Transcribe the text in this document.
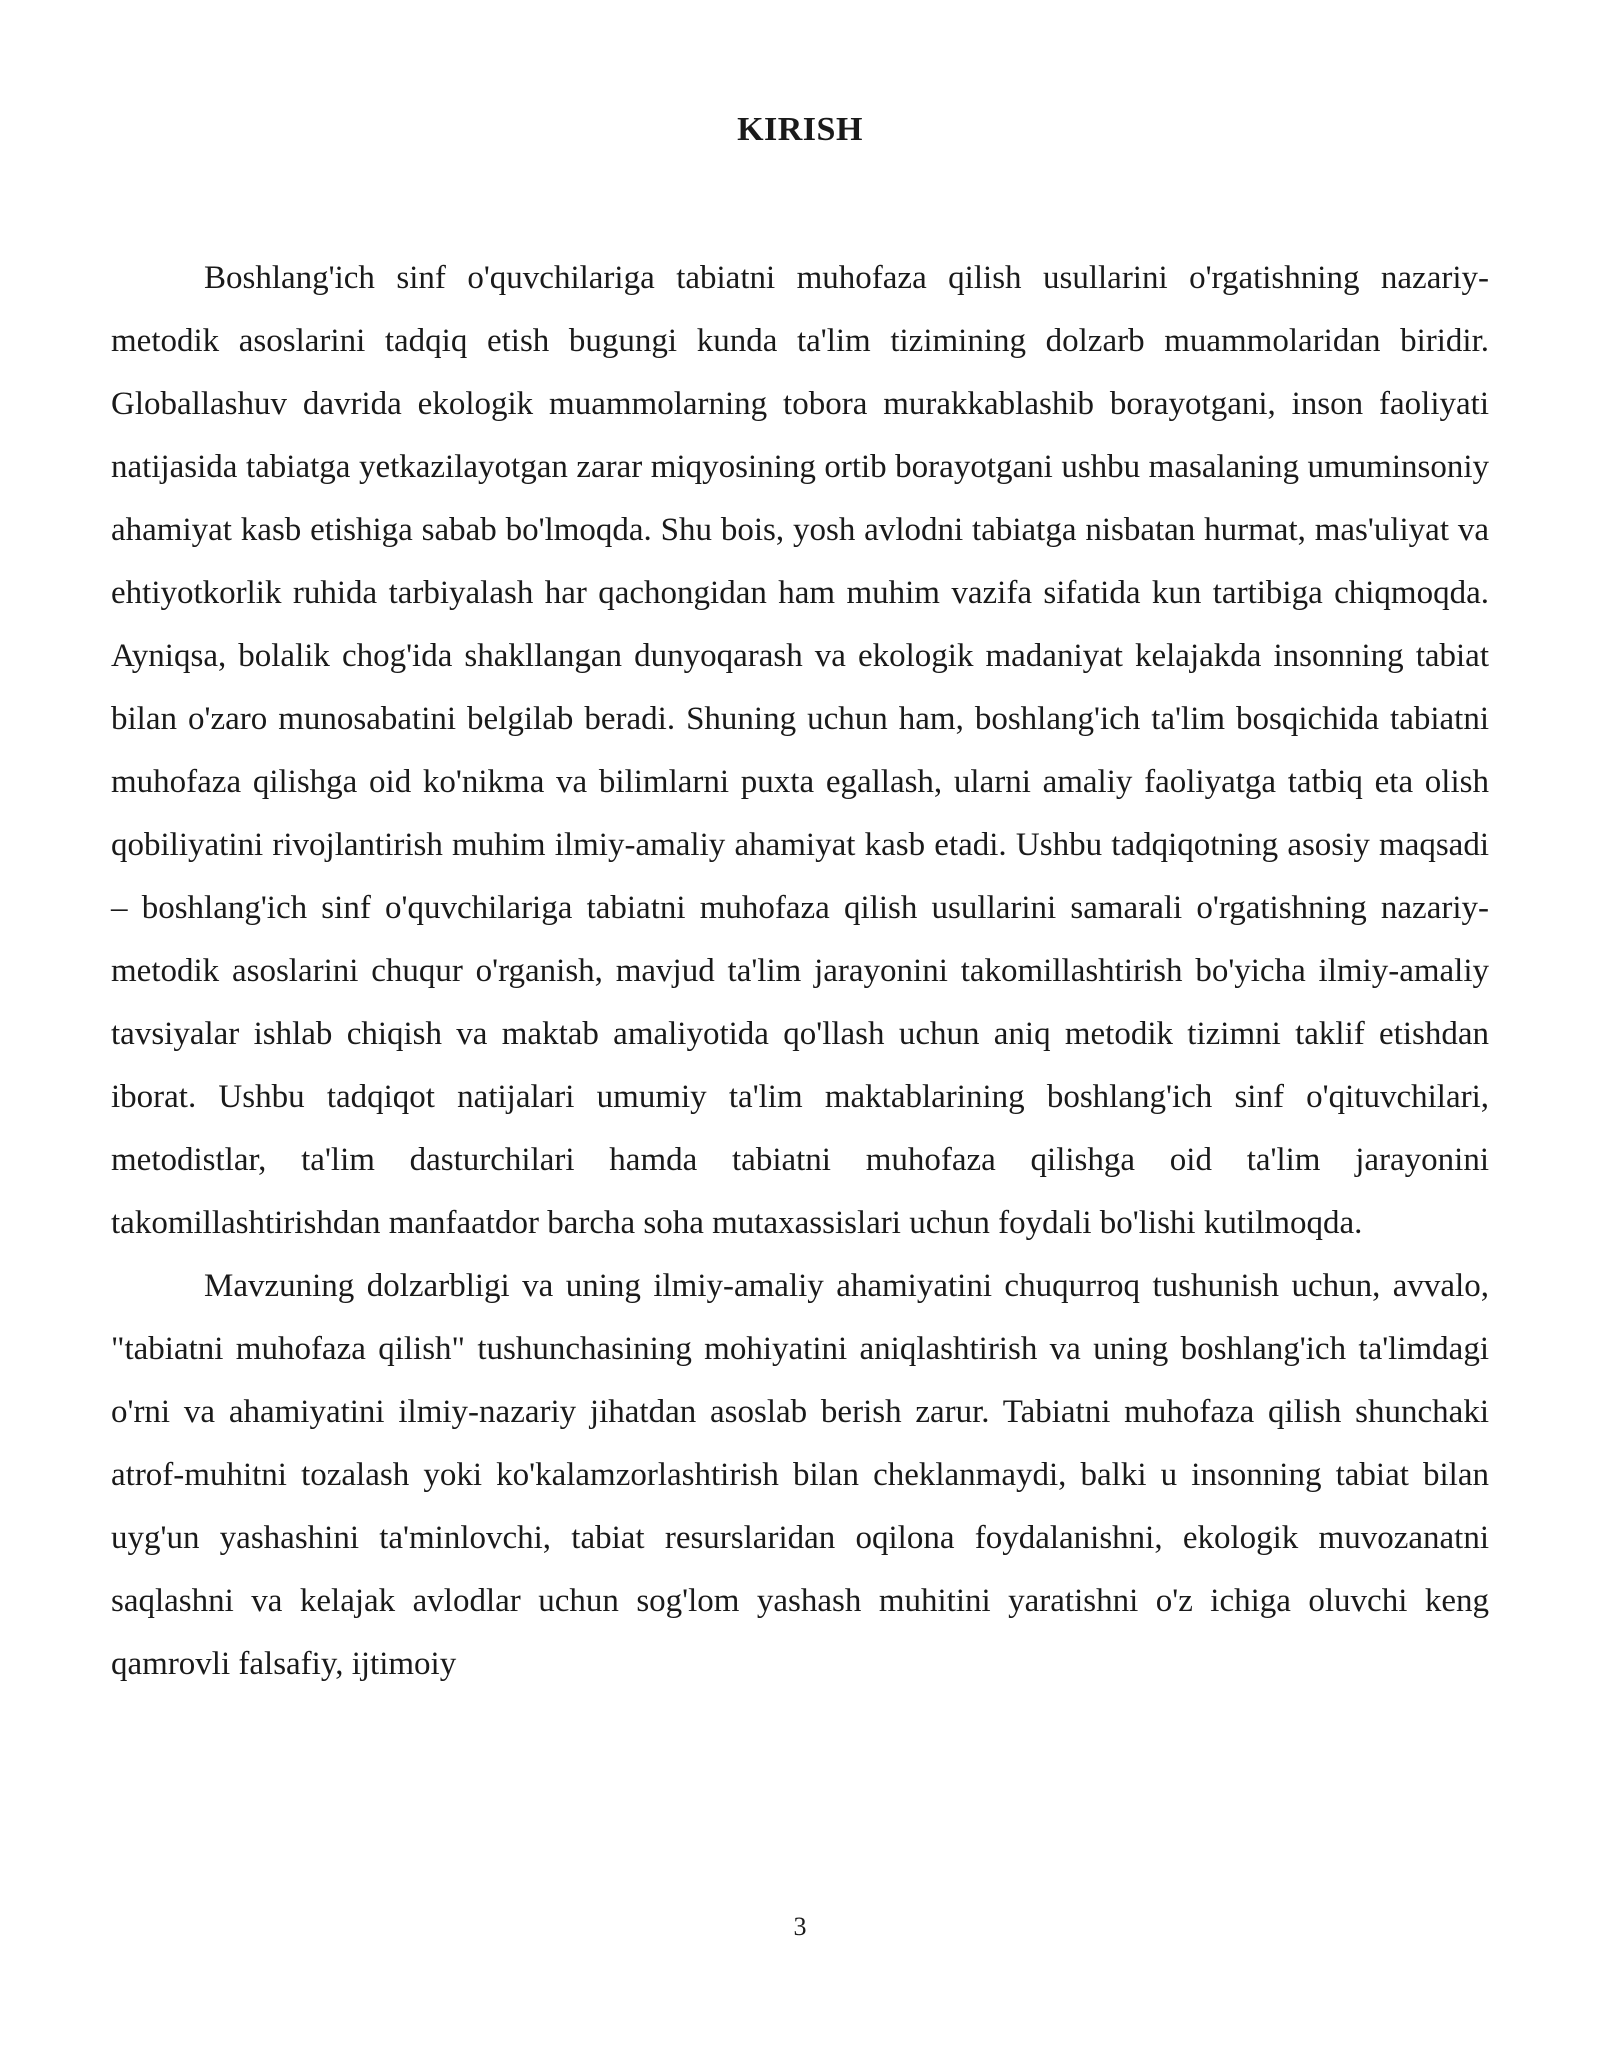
KIRISH

Boshlang'ich sinf o'quvchilariga tabiatni muhofaza qilish usullarini o'rgatishning nazariy-metodik asoslarini tadqiq etish bugungi kunda ta'lim tizimining dolzarb muammolaridan biridir. Globallashuv davrida ekologik muammolarning tobora murakkablashib borayotgani, inson faoliyati natijasida tabiatga yetkazilayotgan zarar miqyosining ortib borayotgani ushbu masalaning umuminsoniy ahamiyat kasb etishiga sabab bo'lmoqda. Shu bois, yosh avlodni tabiatga nisbatan hurmat, mas'uliyat va ehtiyotkorlik ruhida tarbiyalash har qachongidan ham muhim vazifa sifatida kun tartibiga chiqmoqda. Ayniqsa, bolalik chog'ida shakllangan dunyoqarash va ekologik madaniyat kelajakda insonning tabiat bilan o'zaro munosabatini belgilab beradi. Shuning uchun ham, boshlang'ich ta'lim bosqichida tabiatni muhofaza qilishga oid ko'nikma va bilimlarni puxta egallash, ularni amaliy faoliyatga tatbiq eta olish qobiliyatini rivojlantirish muhim ilmiy-amaliy ahamiyat kasb etadi. Ushbu tadqiqotning asosiy maqsadi – boshlang'ich sinf o'quvchilariga tabiatni muhofaza qilish usullarini samarali o'rgatishning nazariy-metodik asoslarini chuqur o'rganish, mavjud ta'lim jarayonini takomillashtirish bo'yicha ilmiy-amaliy tavsiyalar ishlab chiqish va maktab amaliyotida qo'llash uchun aniq metodik tizimni taklif etishdan iborat. Ushbu tadqiqot natijalari umumiy ta'lim maktablarining boshlang'ich sinf o'qituvchilari, metodistlar, ta'lim dasturchilari hamda tabiatni muhofaza qilishga oid ta'lim jarayonini takomillashtirishdan manfaatdor barcha soha mutaxassislari uchun foydali bo'lishi kutilmoqda.

Mavzuning dolzarbligi va uning ilmiy-amaliy ahamiyatini chuqurroq tushunish uchun, avvalo, "tabiatni muhofaza qilish" tushunchasining mohiyatini aniqlashtirish va uning boshlang'ich ta'limdagi o'rni va ahamiyatini ilmiy-nazariy jihatdan asoslab berish zarur. Tabiatni muhofaza qilish shunchaki atrof-muhitni tozalash yoki ko'kalamzorlashtirish bilan cheklanmaydi, balki u insonning tabiat bilan uyg'un yashashini ta'minlovchi, tabiat resurslaridan oqilona foydalanishni, ekologik muvozanatni saqlashni va kelajak avlodlar uchun sog'lom yashash muhitini yaratishni o'z ichiga oluvchi keng qamrovli falsafiy, ijtimoiy

3
